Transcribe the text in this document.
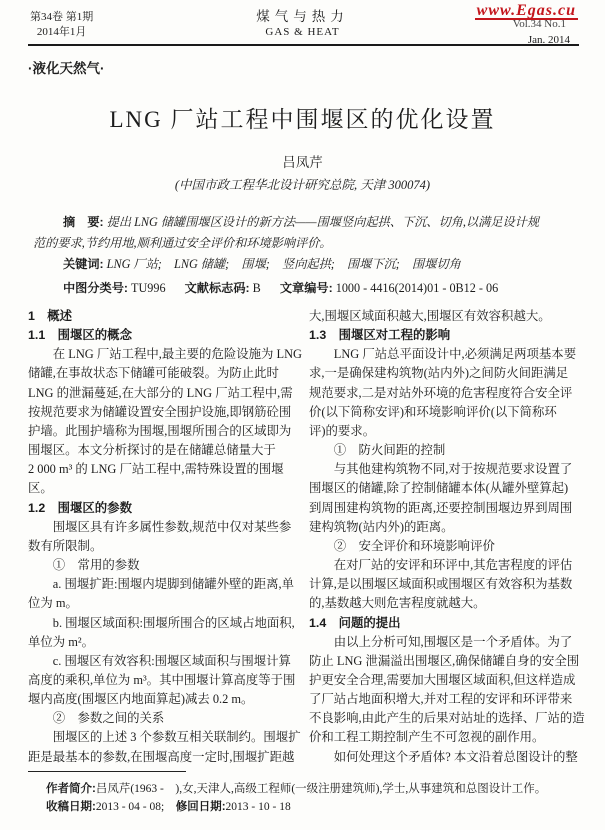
第34卷 第1期
2014年1月
煤气与热力
GAS & HEAT
www.Egas.cu
Vol.34 No.1
Jan. 2014
·液化天然气·
LNG 厂站工程中围堰区的优化设置
吕凤芹
(中国市政工程华北设计研究总院, 天津 300074)
摘　要: 提出 LNG 储罐围堰区设计的新方法——围堰竖向起拱、下沉、切角,以满足设计规
范的要求,节约用地,顺利通过安全评价和环境影响评价。
关键词: LNG 厂站;　LNG 储罐;　围堰;　竖向起拱;　围堰下沉;　围堰切角
中图分类号: TU996 文献标志码: B 文章编号: 1000 - 4416(2014)01 - 0B12 - 06
1　概述
1.1　围堰区的概念
　　在 LNG 厂站工程中,最主要的危险设施为 LNG
储罐,在事故状态下储罐可能破裂。为防止此时
LNG 的泄漏蔓延,在大部分的 LNG 厂站工程中,需
按规范要求为储罐设置安全围护设施,即钢筋砼围
护墙。此围护墙称为围堰,围堰所围合的区域即为
围堰区。本文分析探讨的是在储罐总储量大于
2 000 m³ 的 LNG 厂站工程中,需特殊设置的围堰
区。
1.2　围堰区的参数
　　围堰区具有许多属性参数,规范中仅对某些参
数有所限制。
　　①　常用的参数
　　a. 围堰扩距:围堰内堤脚到储罐外壁的距离,单
位为 m。
　　b. 围堰区域面积:围堰所围合的区域占地面积,
单位为 m²。
　　c. 围堰区有效容积:围堰区域面积与围堰计算
高度的乘积,单位为 m³。其中围堰计算高度等于围
堰内高度(围堰区内地面算起)减去 0.2 m。
　　②　参数之间的关系
　　围堰区的上述 3 个参数互相关联制约。围堰扩
距是最基本的参数,在围堰高度一定时,围堰扩距越
大,围堰区域面积越大,围堰区有效容积越大。
1.3　围堰区对工程的影响
　　LNG 厂站总平面设计中,必须满足两项基本要
求,一是确保建构筑物(站内外)之间防火间距满足
规范要求,二是对站外环境的危害程度符合安全评
价(以下简称安评)和环境影响评价(以下简称环
评)的要求。
　　①　防火间距的控制
　　与其他建构筑物不同,对于按规范要求设置了
围堰区的储罐,除了控制储罐本体(从罐外壁算起)
到周围建构筑物的距离,还要控制围堰边界到周围
建构筑物(站内外)的距离。
　　②　安全评价和环境影响评价
　　在对厂站的安评和环评中,其危害程度的评估
计算,是以围堰区域面积或围堰区有效容积为基数
的,基数越大则危害程度就越大。
1.4　问题的提出
　　由以上分析可知,围堰区是一个矛盾体。为了
防止 LNG 泄漏溢出围堰区,确保储罐自身的安全围
护更安全合理,需要加大围堰区域面积,但这样造成
了厂站占地面积增大,并对工程的安评和环评带来
不良影响,由此产生的后果对站址的选择、厂站的造
价和工程工期控制产生不可忽视的副作用。
　　如何处理这个矛盾体? 本文沿着总图设计的整
作者简介:吕凤芹(1963 -　),女,天津人,高级工程师(一级注册建筑师),学士,从事建筑和总图设计工作。
收稿日期:2013 - 04 - 08;　修回日期:2013 - 10 - 18
